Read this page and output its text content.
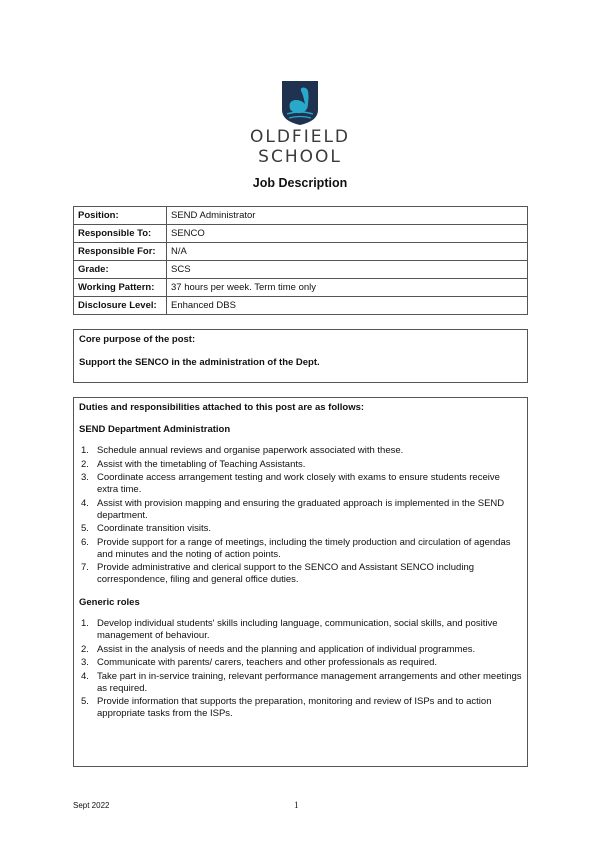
OLDFIELD
SCHOOL
Job Description
Position:	SEND Administrator
Responsible To:	SENCO
Responsible For:	N/A
Grade:	SCS
Working Pattern:	37 hours per week. Term time only
Disclosure Level:	Enhanced DBS
Core purpose of the post:
Support the SENCO in the administration of the Dept.
Duties and responsibilities attached to this post are as follows:
SEND Department Administration
1. Schedule annual reviews and organise paperwork associated with these.
2. Assist with the timetabling of Teaching Assistants.
3. Coordinate access arrangement testing and work closely with exams to ensure students receive extra time.
4. Assist with provision mapping and ensuring the graduated approach is implemented in the SEND department.
5. Coordinate transition visits.
6. Provide support for a range of meetings, including the timely production and circulation of agendas and minutes and the noting of action points.
7. Provide administrative and clerical support to the SENCO and Assistant SENCO including correspondence, filing and general office duties.
Generic roles
1. Develop individual students' skills including language, communication, social skills, and positive management of behaviour.
2. Assist in the analysis of needs and the planning and application of individual programmes.
3. Communicate with parents/ carers, teachers and other professionals as required.
4. Take part in in-service training, relevant performance management arrangements and other meetings as required.
5. Provide information that supports the preparation, monitoring and review of ISPs and to action appropriate tasks from the ISPs.
Sept 2022	1
